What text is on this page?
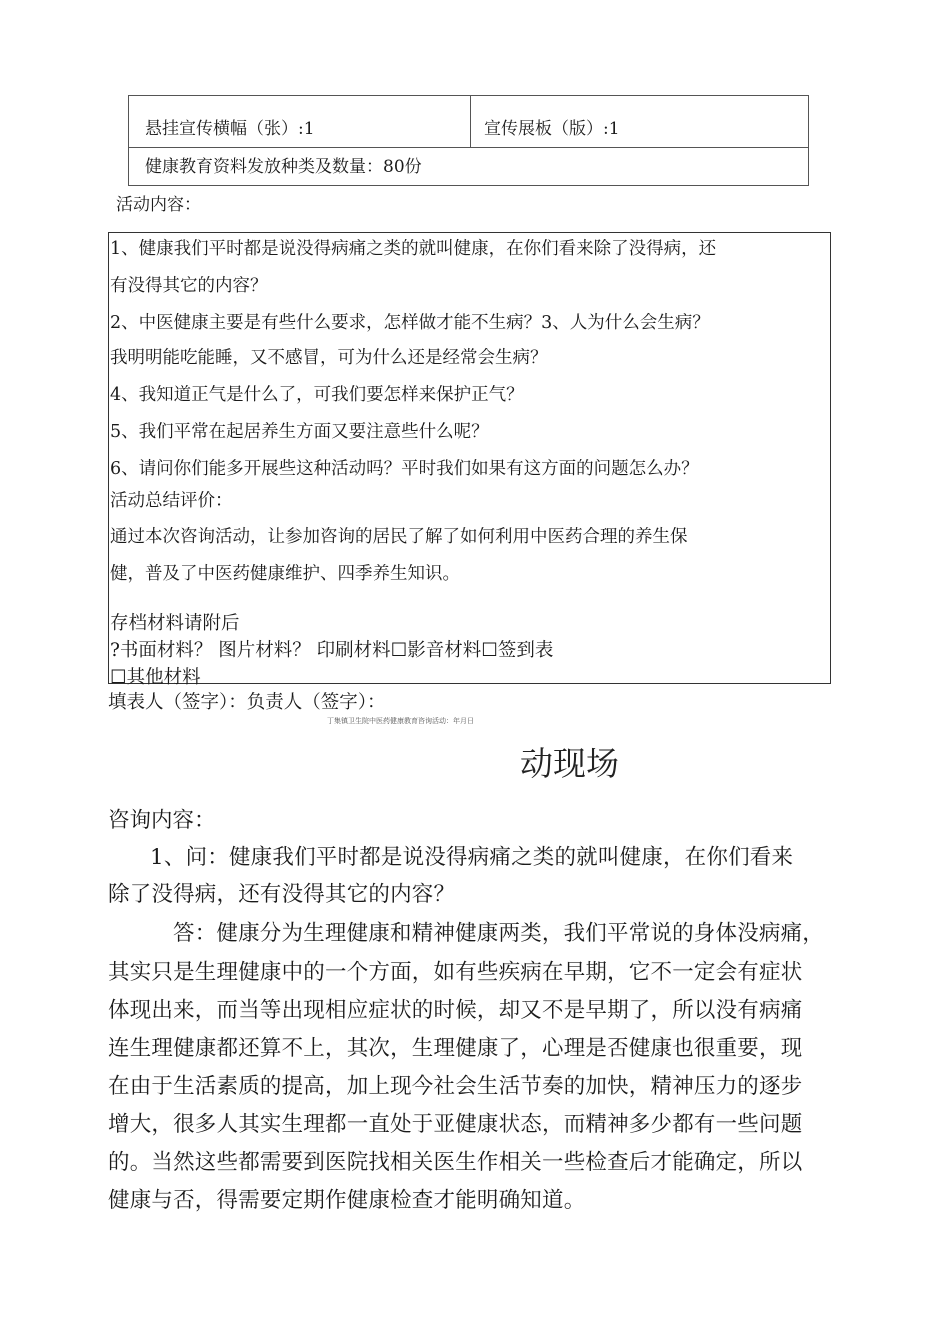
悬挂宣传横幅（张）:1	宣传展板（版）:1
健康教育资料发放种类及数量：80份
活动内容：
1、健康我们平时都是说没得病痛之类的就叫健康，在你们看来除了没得病，还
有没得其它的内容？
2、中医健康主要是有些什么要求，怎样做才能不生病？3、人为什么会生病？
我明明能吃能睡，又不感冒，可为什么还是经常会生病？
4、我知道正气是什么了，可我们要怎样来保护正气？
5、我们平常在起居养生方面又要注意些什么呢？
6、请问你们能多开展些这种活动吗？平时我们如果有这方面的问题怎么办？
活动总结评价：
通过本次咨询活动，让参加咨询的居民了解了如何利用中医药合理的养生保
健，普及了中医药健康维护、四季养生知识。
存档材料请附后
?书面材料？ 图片材料？ 印刷材料☐影音材料☐签到表
☐其他材料
填表人（签字）：负责人（签字）：
丁集镇卫生院中医药健康教育咨询活动：年月日
动现场
咨询内容：
1、问：健康我们平时都是说没得病痛之类的就叫健康，在你们看来
除了没得病，还有没得其它的内容？
答：健康分为生理健康和精神健康两类，我们平常说的身体没病痛，
其实只是生理健康中的一个方面，如有些疾病在早期，它不一定会有症状
体现出来，而当等出现相应症状的时候，却又不是早期了，所以没有病痛
连生理健康都还算不上，其次，生理健康了，心理是否健康也很重要，现
在由于生活素质的提高，加上现今社会生活节奏的加快，精神压力的逐步
增大，很多人其实生理都一直处于亚健康状态，而精神多少都有一些问题
的。当然这些都需要到医院找相关医生作相关一些检查后才能确定，所以
健康与否，得需要定期作健康检查才能明确知道。
